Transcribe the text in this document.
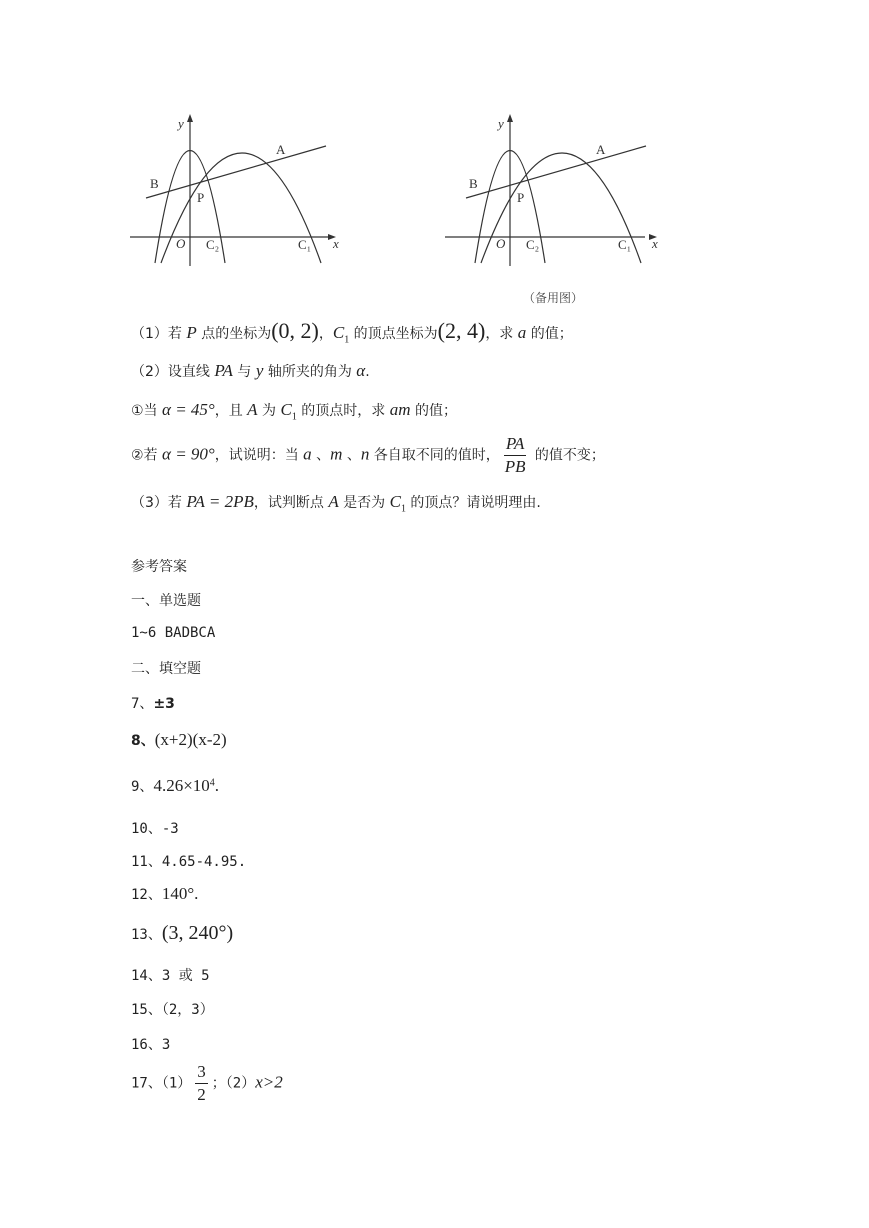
y
x
A
B
P
O C₂	C₁
y
x
A
B
P
O C₂	C₁
（备用图）
（1）若 P 点的坐标为(0, 2)，$C_1$ 的顶点坐标为(2, 4)，求 a 的值；
（2）设直线 PA 与 y 轴所夹的角为 α.
①当 α = 45°，且 A 为 $C_1$ 的顶点时，求 am 的值；
②若 α = 90°，试说明：当 a 、m 、n 各自取不同的值时， $\frac{PA}{PB}$ 的值不变；
（3）若 PA = 2PB，试判断点 A 是否为 $C_1$ 的顶点？请说明理由.
参考答案
一、单选题
1~6 BADBCA
二、填空题
7、±3
8、(x+2)(x-2)
9、$4.26\times 10^4$.
10、-3
11、4.65-4.95.
12、140°.
13、(3, 240°)
14、3 或 5
15、（2，3）
16、3
17、$(1) \frac{3}{2}$ ；（2）x>2
